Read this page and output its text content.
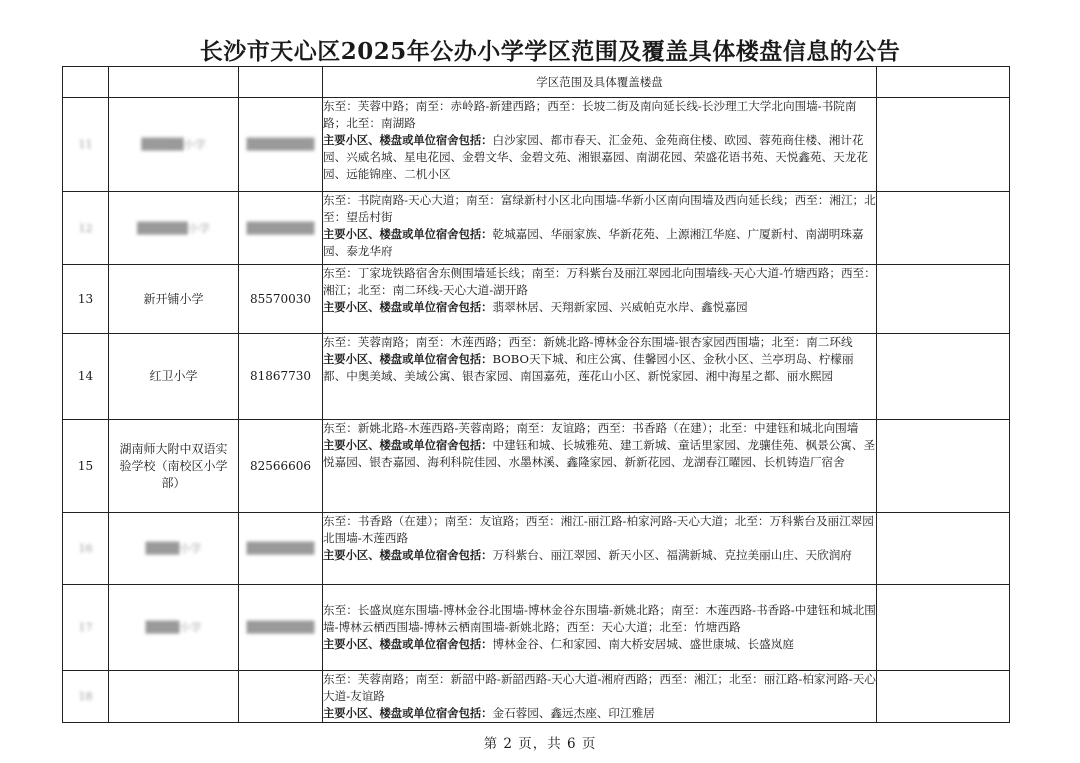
长沙市天心区2025年公办小学学区范围及覆盖具体楼盘信息的公告
			学区范围及具体覆盖楼盘	
11	█████小学	████████	东至：芙蓉中路；南至：赤岭路-新建西路；西至：长坡二街及南向延长线-长沙理工大学北向围墙-书院南路；北至：南湖路
主要小区、楼盘或单位宿舍包括：白沙家园、都市春天、汇金苑、金苑商住楼、欧园、蓉苑商住楼、湘计花园、兴威名城、星电花园、金碧文华、金碧文苑、湘银嘉园、南湖花园、荣盛花语书苑、天悦鑫苑、天龙花园、远能锦座、二机小区	
12	██████小学	████████	东至：书院南路-天心大道；南至：富绿新村小区北向围墙-华新小区南向围墙及西向延长线；西至：湘江；北至：望岳村街
主要小区、楼盘或单位宿舍包括：乾城嘉园、华丽家族、华新花苑、上源湘江华庭、广厦新村、南湖明珠嘉园、泰龙华府	
13	新开铺小学	85570030	东至：丁家垅铁路宿舍东侧围墙延长线；南至：万科紫台及丽江翠园北向围墙线-天心大道-竹塘西路；西至：湘江；北至：南二环线-天心大道-湖开路
主要小区、楼盘或单位宿舍包括：翡翠林居、天翔新家园、兴威帕克水岸、鑫悦嘉园	
14	红卫小学	81867730	东至：芙蓉南路；南至：木莲西路；西至：新姚北路-博林金谷东围墙-银杏家园西围墙；北至：南二环线
主要小区、楼盘或单位宿舍包括：BOBO天下城、和庄公寓、佳馨园小区、金秋小区、兰亭玥岛、柠檬丽都、中奥美域、美域公寓、银杏家园、南国嘉苑，莲花山小区、新悦家园、湘中海星之都、丽水熙园	
15	湖南师大附中双语实验学校（南校区小学部）	82566606	东至：新姚北路-木莲西路-芙蓉南路；南至：友谊路；西至：书香路（在建）；北至：中建钰和城北向围墙
主要小区、楼盘或单位宿舍包括：中建钰和城、长城雅苑、建工新城、童话里家园、龙骧佳苑、枫景公寓、圣悦嘉园、银杏嘉园、海利科院佳园、水墨林溪、鑫隆家园、新新花园、龙湖春江曜园、长机铸造厂宿舍	
16	████小学	████████	东至：书香路（在建）；南至：友谊路；西至：湘江-丽江路-柏家河路-天心大道；北至：万科紫台及丽江翠园北围墙-木莲西路
主要小区、楼盘或单位宿舍包括：万科紫台、丽江翠园、新天小区、福满新城、克拉美丽山庄、天欣润府	
17	████小学	████████	东至：长盛岚庭东围墙-博林金谷北围墙-博林金谷东围墙-新姚北路；南至：木莲西路-书香路-中建钰和城北围墙-博林云栖西围墙-博林云栖南围墙-新姚北路；西至：天心大道；北至：竹塘西路
主要小区、楼盘或单位宿舍包括：博林金谷、仁和家园、南大桥安居城、盛世康城、长盛岚庭	
18			东至：芙蓉南路；南至：新韶中路-新韶西路-天心大道-湘府西路；西至：湘江；北至：丽江路-柏家河路-天心大道-友谊路
主要小区、楼盘或单位宿舍包括：金石蓉园、鑫远杰座、印江雅居	
第 2 页，共 6 页
